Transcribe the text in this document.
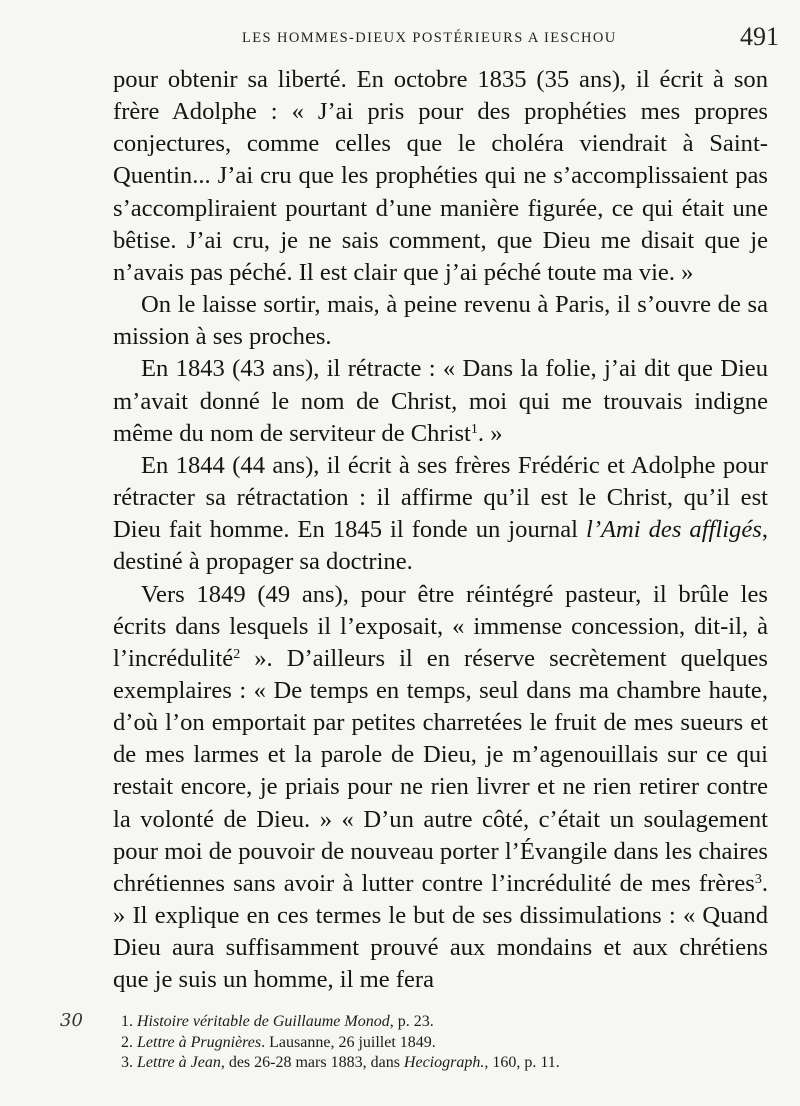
LES HOMMES-DIEUX POSTÉRIEURS A IESCHOU	491

pour obtenir sa liberté. En octobre 1835 (35 ans), il écrit à son frère Adolphe : « J’ai pris pour des prophéties mes propres conjectures, comme celles que le choléra viendrait à Saint-Quentin... J’ai cru que les prophéties qui ne s’accomplissaient pas s’accompliraient pourtant d’une manière figurée, ce qui était une bêtise. J’ai cru, je ne sais comment, que Dieu me disait que je n’avais pas péché. Il est clair que j’ai péché toute ma vie. »

On le laisse sortir, mais, à peine revenu à Paris, il s’ouvre de sa mission à ses proches.

En 1843 (43 ans), il rétracte : « Dans la folie, j’ai dit que Dieu m’avait donné le nom de Christ, moi qui me trouvais indigne même du nom de serviteur de Christ$^1$. »

En 1844 (44 ans), il écrit à ses frères Frédéric et Adolphe pour rétracter sa rétractation : il affirme qu’il est le Christ, qu’il est Dieu fait homme. En 1845 il fonde un journal l’Ami des affligés, destiné à propager sa doctrine.

Vers 1849 (49 ans), pour être réintégré pasteur, il brûle les écrits dans lesquels il l’exposait, « immense concession, dit-il, à l’incrédulité$^2$ ». D’ailleurs il en réserve secrètement quelques exemplaires : « De temps en temps, seul dans ma chambre haute, d’où l’on emportait par petites charretées le fruit de mes sueurs et de mes larmes et la parole de Dieu, je m’agenouillais sur ce qui restait encore, je priais pour ne rien livrer et ne rien retirer contre la volonté de Dieu. » « D’un autre côté, c’était un soulagement pour moi de pouvoir de nouveau porter l’Évangile dans les chaires chrétiennes sans avoir à lutter contre l’incrédulité de mes frères$^3$. » Il explique en ces termes le but de ses dissimulations : « Quand Dieu aura suffisamment prouvé aux mondains et aux chrétiens que je suis un homme, il me fera

30	1. Histoire véritable de Guillaume Monod, p. 23.
2. Lettre à Prugnières. Lausanne, 26 juillet 1849.
3. Lettre à Jean, des 26-28 mars 1883, dans Heciograph., 160, p. 11.
